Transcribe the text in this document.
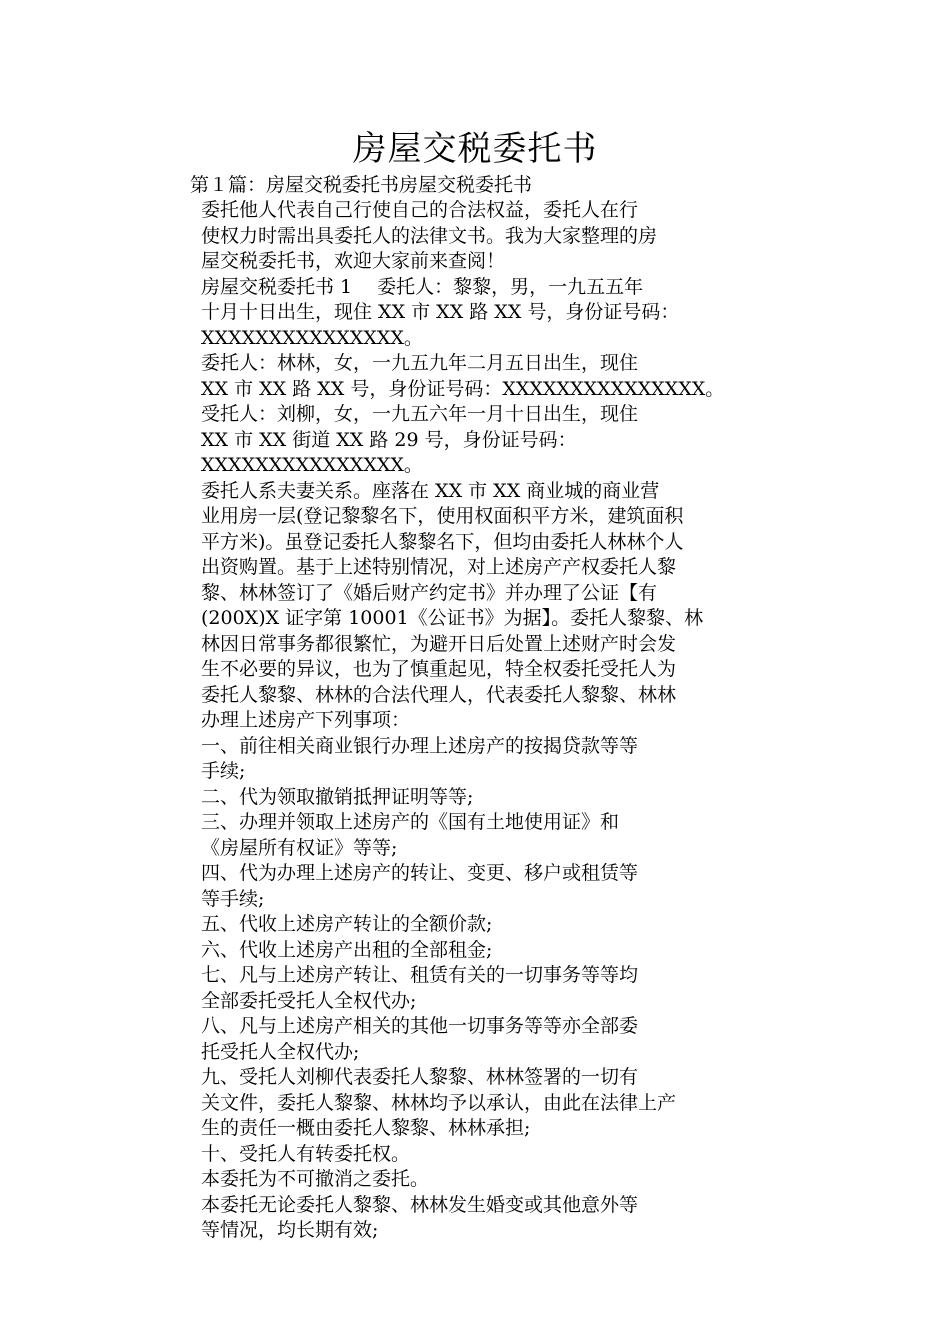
房屋交税委托书
第１篇：房屋交税委托书房屋交税委托书
委托他人代表自己行使自己的合法权益，委托人在行
使权力时需出具委托人的法律文书。我为大家整理的房
屋交税委托书，欢迎大家前来查阅！
房屋交税委托书 1　 委托人：黎黎，男，一九五五年
十月十日出生，现住 XX 市 XX 路 XX 号，身份证号码：
XXXXXXXXXXXXXXX。
委托人：林林，女，一九五九年二月五日出生，现住
XX 市 XX 路 XX 号，身份证号码：XXXXXXXXXXXXXXX。
受托人：刘柳，女，一九五六年一月十日出生，现住
XX 市 XX 街道 XX 路 29 号，身份证号码：
XXXXXXXXXXXXXXX。
委托人系夫妻关系。座落在 XX 市 XX 商业城的商业营
业用房一层(登记黎黎名下，使用权面积平方米，建筑面积
平方米)。虽登记委托人黎黎名下，但均由委托人林林个人
出资购置。基于上述特别情况，对上述房产产权委托人黎
黎、林林签订了《婚后财产约定书》并办理了公证【有
(200X)X 证字第 10001《公证书》为据】。委托人黎黎、林
林因日常事务都很繁忙，为避开日后处置上述财产时会发
生不必要的异议，也为了慎重起见，特全权委托受托人为
委托人黎黎、林林的合法代理人，代表委托人黎黎、林林
办理上述房产下列事项：
一、前往相关商业银行办理上述房产的按揭贷款等等
手续;
二、代为领取撤销抵押证明等等;
三、办理并领取上述房产的《国有土地使用证》和
《房屋所有权证》等等;
四、代为办理上述房产的转让、变更、移户或租赁等
等手续;
五、代收上述房产转让的全额价款;
六、代收上述房产出租的全部租金;
七、凡与上述房产转让、租赁有关的一切事务等等均
全部委托受托人全权代办;
八、凡与上述房产相关的其他一切事务等等亦全部委
托受托人全权代办;
九、受托人刘柳代表委托人黎黎、林林签署的一切有
关文件，委托人黎黎、林林均予以承认，由此在法律上产
生的责任一概由委托人黎黎、林林承担;
十、受托人有转委托权。
本委托为不可撤消之委托。
本委托无论委托人黎黎、林林发生婚变或其他意外等
等情况，均长期有效;
